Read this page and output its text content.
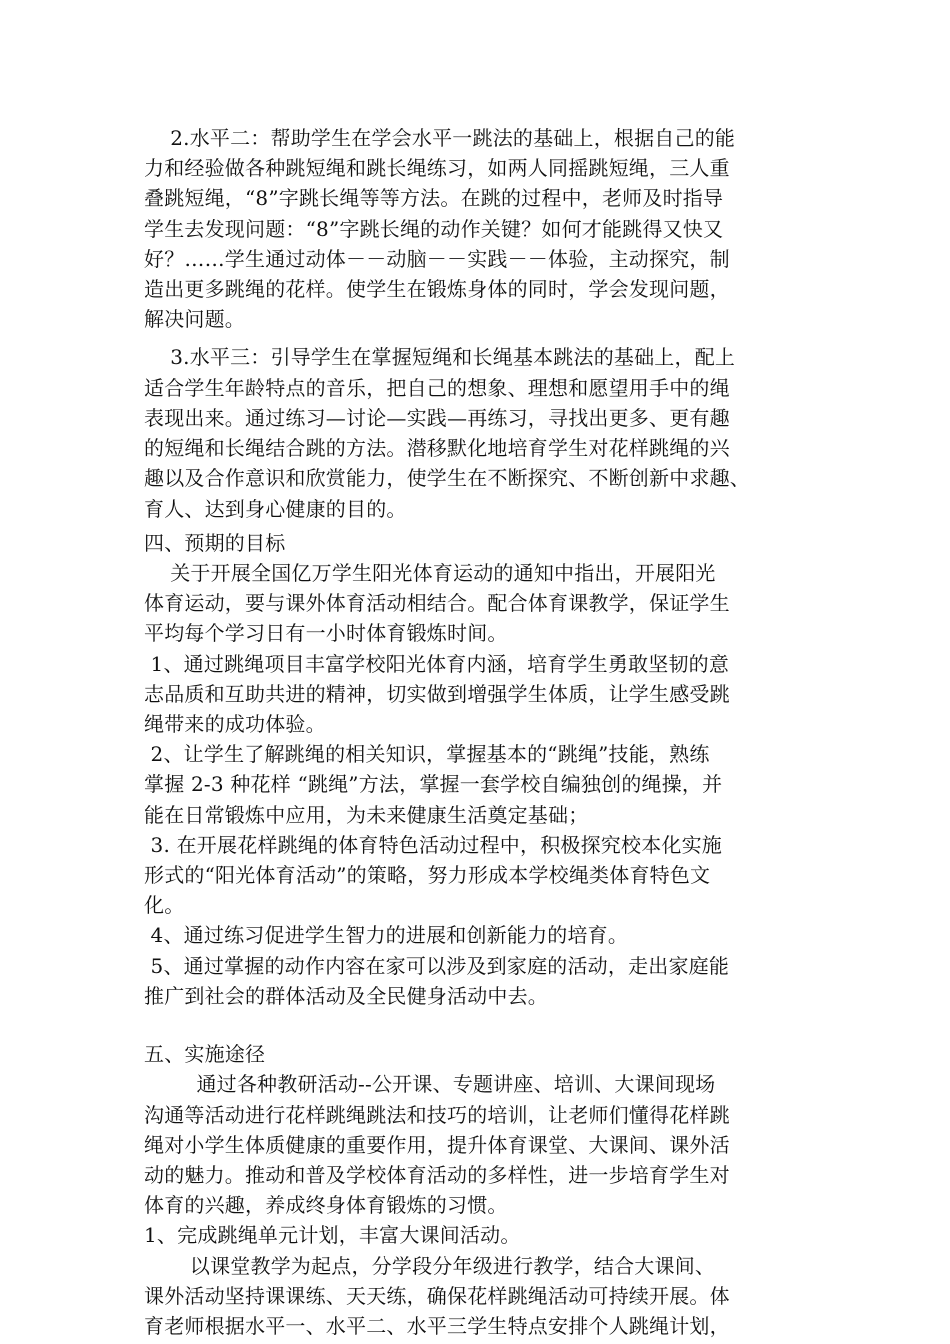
2.水平二：帮助学生在学会水平一跳法的基础上，根据自己的能
力和经验做各种跳短绳和跳长绳练习，如两人同摇跳短绳，三人重
叠跳短绳，“8”字跳长绳等等方法。在跳的过程中，老师及时指导
学生去发现问题：“8”字跳长绳的动作关键？如何才能跳得又快又
好？……学生通过动体－－动脑－－实践－－体验，主动探究，制
造出更多跳绳的花样。使学生在锻炼身体的同时，学会发现问题，
解决问题。
3.水平三：引导学生在掌握短绳和长绳基本跳法的基础上，配上
适合学生年龄特点的音乐，把自己的想象、理想和愿望用手中的绳
表现出来。通过练习—讨论—实践—再练习，寻找出更多、更有趣
的短绳和长绳结合跳的方法。潜移默化地培育学生对花样跳绳的兴
趣以及合作意识和欣赏能力，使学生在不断探究、不断创新中求趣、
育人、达到身心健康的目的。
四、预期的目标
关于开展全国亿万学生阳光体育运动的通知中指出，开展阳光
体育运动，要与课外体育活动相结合。配合体育课教学，保证学生
平均每个学习日有一小时体育锻炼时间。
1、通过跳绳项目丰富学校阳光体育内涵，培育学生勇敢坚韧的意
志品质和互助共进的精神，切实做到增强学生体质，让学生感受跳
绳带来的成功体验。
2、让学生了解跳绳的相关知识，掌握基本的“跳绳”技能，熟练
掌握 2-3 种花样 “跳绳”方法，掌握一套学校自编独创的绳操，并
能在日常锻炼中应用，为未来健康生活奠定基础；
3. 在开展花样跳绳的体育特色活动过程中，积极探究校本化实施
形式的“阳光体育活动”的策略，努力形成本学校绳类体育特色文
化。
4、通过练习促进学生智力的进展和创新能力的培育。
5、通过掌握的动作内容在家可以涉及到家庭的活动，走出家庭能
推广到社会的群体活动及全民健身活动中去。
五、实施途径
通过各种教研活动--公开课、专题讲座、培训、大课间现场
沟通等活动进行花样跳绳跳法和技巧的培训，让老师们懂得花样跳
绳对小学生体质健康的重要作用，提升体育课堂、大课间、课外活
动的魅力。推动和普及学校体育活动的多样性，进一步培育学生对
体育的兴趣，养成终身体育锻炼的习惯。
1、完成跳绳单元计划，丰富大课间活动。
以课堂教学为起点，分学段分年级进行教学，结合大课间、
课外活动坚持课课练、天天练，确保花样跳绳活动可持续开展。体
育老师根据水平一、水平二、水平三学生特点安排个人跳绳计划，
